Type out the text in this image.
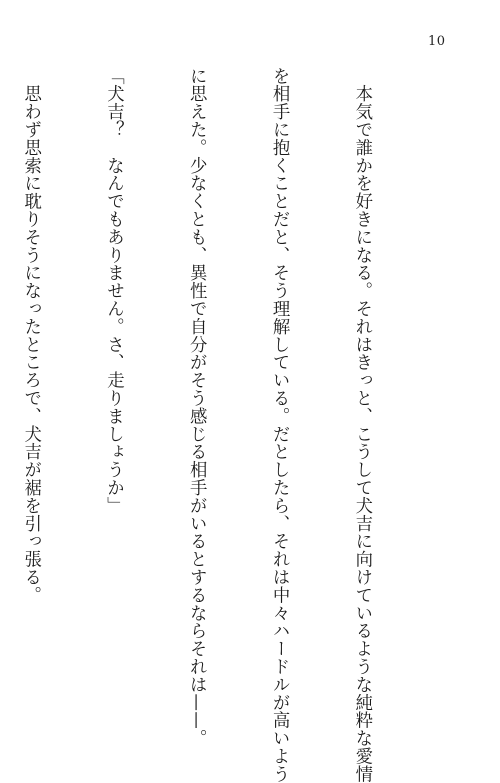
10

　本気で誰かを好きになる。それはきっと、こうして犬吉に向けているような純粋な愛情

を相手に抱くことだと、そう理解している。だとしたら、それは中々ハードルが高いよう

に思えた。少なくとも、異性で自分がそう感じる相手がいるとするならそれは——。

「犬吉？　なんでもありません。さ、走りましょうか」

　思わず思索に耽りそうになったところで、犬吉が裾を引っ張る。
